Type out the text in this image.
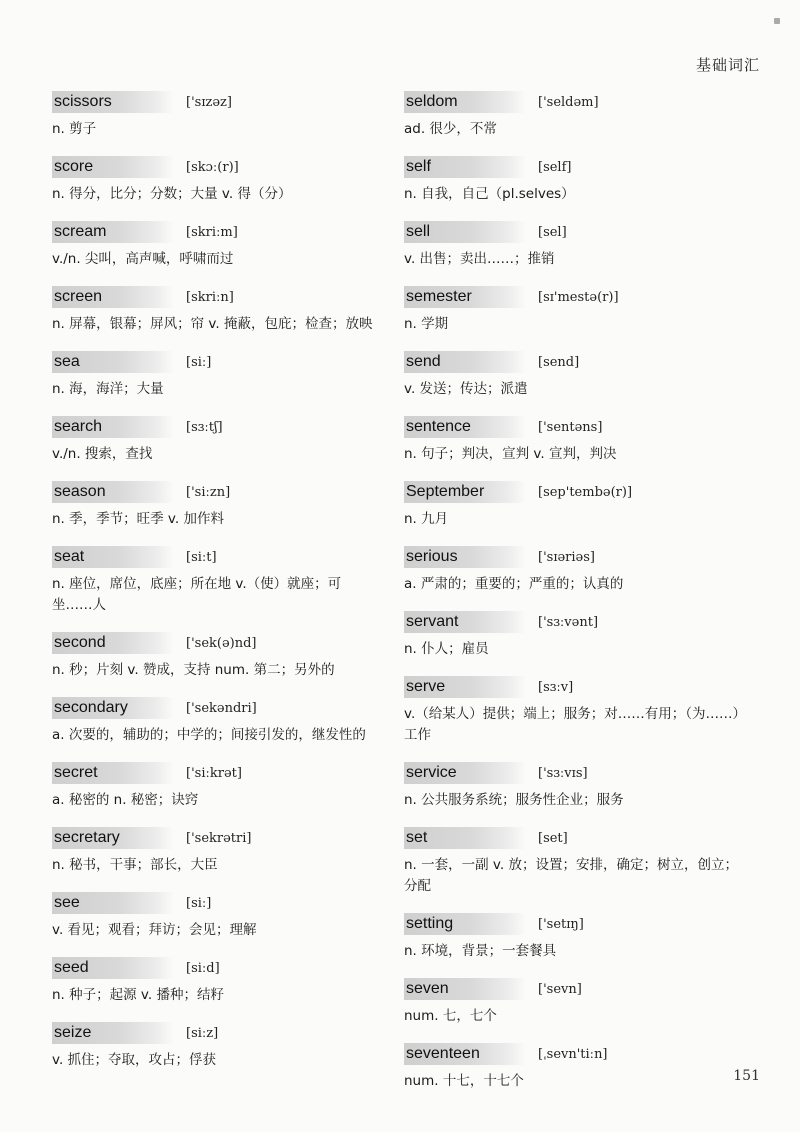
基础词汇
scissors	['sɪzəz]
n. 剪子
score	[skɔː(r)]
n. 得分，比分；分数；大量 v. 得（分）
scream	[skriːm]
v./n. 尖叫，高声喊，呼啸而过
screen	[skriːn]
n. 屏幕，银幕；屏风；帘 v. 掩蔽，包庇；检查；放映
sea	[siː]
n. 海，海洋；大量
search	[sɜːtʃ]
v./n. 搜索，查找
season	['siːzn]
n. 季，季节；旺季 v. 加作料
seat	[siːt]
n. 座位，席位，底座；所在地 v.（使）就座；可坐……人
second	['sek(ə)nd]
n. 秒；片刻 v. 赞成，支持 num. 第二；另外的
secondary	['sekəndri]
a. 次要的，辅助的；中学的；间接引发的，继发性的
secret	['siːkrət]
a. 秘密的 n. 秘密；诀窍
secretary	['sekrətri]
n. 秘书，干事；部长，大臣
see	[siː]
v. 看见；观看；拜访；会见；理解
seed	[siːd]
n. 种子；起源 v. 播种；结籽
seize	[siːz]
v. 抓住；夺取，攻占；俘获
seldom	['seldəm]
ad. 很少，不常
self	[self]
n. 自我，自己（pl.selves）
sell	[sel]
v. 出售；卖出……；推销
semester	[sɪ'mestə(r)]
n. 学期
send	[send]
v. 发送；传达；派遣
sentence	['sentəns]
n. 句子；判决，宣判 v. 宣判，判决
September	[sep'tembə(r)]
n. 九月
serious	['sɪəriəs]
a. 严肃的；重要的；严重的；认真的
servant	['sɜːvənt]
n. 仆人；雇员
serve	[sɜːv]
v.（给某人）提供；端上；服务；对……有用；（为……）工作
service	['sɜːvɪs]
n. 公共服务系统；服务性企业；服务
set	[set]
n. 一套，一副 v. 放；设置；安排，确定；树立，创立；分配
setting	['setɪŋ]
n. 环境，背景；一套餐具
seven	['sevn]
num. 七，七个
seventeen	[ˌsevn'tiːn]
num. 十七，十七个	151
